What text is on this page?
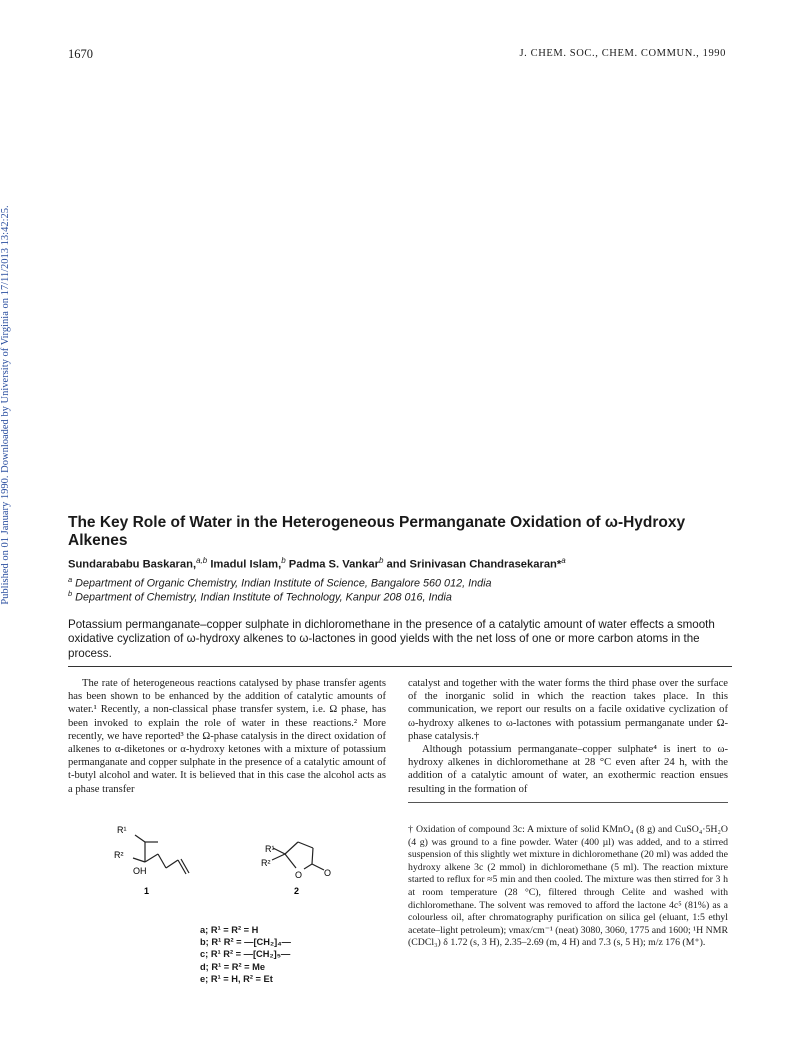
Published on 01 January 1990. Downloaded by University of Virginia on 17/11/2013 13:42:25.
1670	J. CHEM. SOC., CHEM. COMMUN., 1990
The Key Role of Water in the Heterogeneous Permanganate Oxidation of ω-Hydroxy Alkenes
Sundarababu Baskaran,$^{a,b}$ Imadul Islam,$^b$ Padma S. Vankar$^b$ and Srinivasan Chandrasekaran*$^a$
$^a$ Department of Organic Chemistry, Indian Institute of Science, Bangalore 560 012, India
$^b$ Department of Chemistry, Indian Institute of Technology, Kanpur 208 016, India
Potassium permanganate–copper sulphate in dichloromethane in the presence of a catalytic amount of water effects a smooth oxidative cyclization of ω-hydroxy alkenes to ω-lactones in good yields with the net loss of one or more carbon atoms in the process.

The rate of heterogeneous reactions catalysed by phase transfer agents has been shown to be enhanced by the addition of catalytic amounts of water.¹ Recently, a non-classical phase transfer system, i.e. Ω phase, has been invoked to explain the role of water in these reactions.² More recently, we have reported³ the Ω-phase catalysis in the direct oxidation of alkenes to α-diketones or α-hydroxy ketones with a mixture of potassium permanganate and copper sulphate in the presence of a catalytic amount of t-butyl alcohol and water. It is believed that in this case the alcohol acts as a phase transfer

catalyst and together with the water forms the third phase over the surface of the inorganic solid in which the reaction takes place. In this communication, we report our results on a facile oxidative cyclization of ω-hydroxy alkenes to ω-lactones with potassium permanganate under Ω-phase catalysis.†

Although potassium permanganate–copper sulphate⁴ is inert to ω-hydroxy alkenes in dichloromethane at 28 °C even after 24 h, with the addition of a catalytic amount of water, an exothermic reaction ensues resulting in the formation of

† Oxidation of compound 3c: A mixture of solid KMnO₄ (8 g) and CuSO₄·5H₂O (4 g) was ground to a fine powder. Water (400 µl) was added, and to a stirred suspension of this slightly wet mixture in dichloromethane (20 ml) was added the hydroxy alkene 3c (2 mmol) in dichloromethane (5 ml). The reaction mixture started to reflux for ≈5 min and then cooled. The mixture was then stirred for 3 h at room temperature (28 °C), filtered through Celite and washed with dichloromethane. The solvent was removed to afford the lactone 4c⁵ (81%) as a colourless oil, after chromatography purification on silica gel (eluant, 1:5 ethyl acetate–light petroleum); νmax/cm⁻¹ (neat) 3080, 3060, 1775 and 1600; ¹H NMR (CDCl₃) δ 1.72 (s, 3 H), 2.35–2.69 (m, 4 H) and 7.3 (s, 5 H); m/z 176 (M⁺).
R¹
R²
OH
1
R¹
R²
O O
2
a; R¹ = R² = H
b; R¹ R² = —[CH₂]₄—
c; R¹ R² = —[CH₂]₅—
d; R¹ = R² = Me
e; R¹ = H, R² = Et
